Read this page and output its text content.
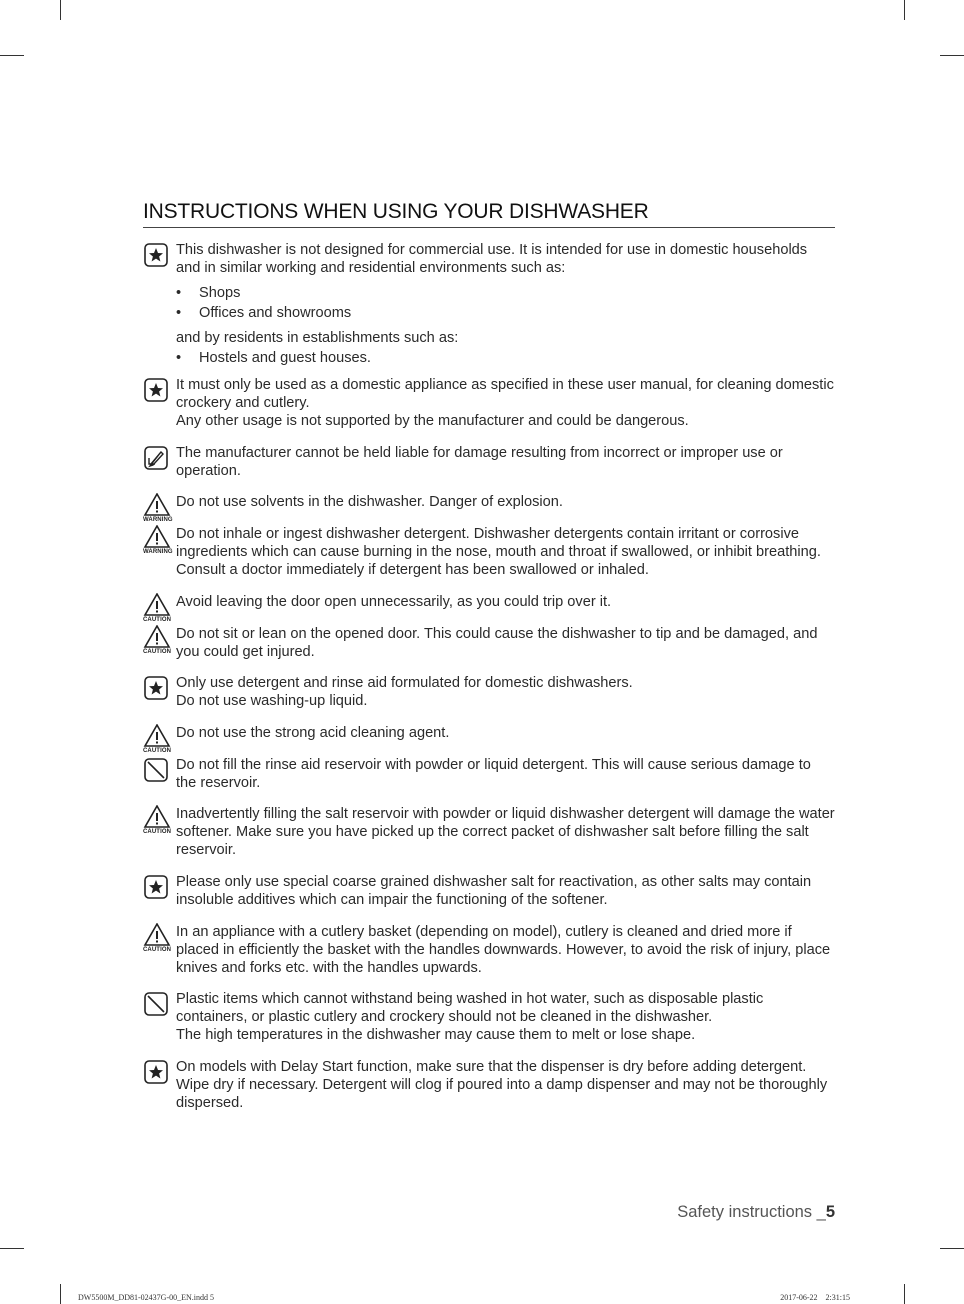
INSTRUCTIONS WHEN USING YOUR DISHWASHER

This dishwasher is not designed for commercial use. It is intended for use in domestic households and in similar working and residential environments such as:

•	Shops
•	Offices and showrooms

and by residents in establishments such as:

•	Hostels and guest houses.

It must only be used as a domestic appliance as specified in these user manual, for cleaning domestic crockery and cutlery.

Any other usage is not supported by the manufacturer and could be dangerous.

The manufacturer cannot be held liable for damage resulting from incorrect or improper use or operation.

WARNING

Do not use solvents in the dishwasher. Danger of explosion.

WARNING

Do not inhale or ingest dishwasher detergent. Dishwasher detergents contain irritant or corrosive ingredients which can cause burning in the nose, mouth and throat if swallowed, or inhibit breathing. Consult a doctor immediately if detergent has been swallowed or inhaled.

CAUTION

Avoid leaving the door open unnecessarily, as you could trip over it.

CAUTION

Do not sit or lean on the opened door. This could cause the dishwasher to tip and be damaged, and you could get injured.

Only use detergent and rinse aid formulated for domestic dishwashers.

Do not use washing-up liquid.

CAUTION

Do not use the strong acid cleaning agent.

Do not fill the rinse aid reservoir with powder or liquid detergent. This will cause serious damage to the reservoir.

CAUTION

Inadvertently filling the salt reservoir with powder or liquid dishwasher detergent will damage the water softener. Make sure you have picked up the correct packet of dishwasher salt before filling the salt reservoir.

Please only use special coarse grained dishwasher salt for reactivation, as other salts may contain insoluble additives which can impair the functioning of the softener.

CAUTION

In an appliance with a cutlery basket (depending on model), cutlery is cleaned and dried more if placed in efficiently the basket with the handles downwards. However, to avoid the risk of injury, place knives and forks etc. with the handles upwards.

Plastic items which cannot withstand being washed in hot water, such as disposable plastic containers, or plastic cutlery and crockery should not be cleaned in the dishwasher.

The high temperatures in the dishwasher may cause them to melt or lose shape.

On models with Delay Start function, make sure that the dispenser is dry before adding detergent. Wipe dry if necessary. Detergent will clog if poured into a damp dispenser and may not be thoroughly dispersed.

Safety instructions _5
DW5500M_DD81-02437G-00_EN.indd 5	2017-06-22    2:31:15
